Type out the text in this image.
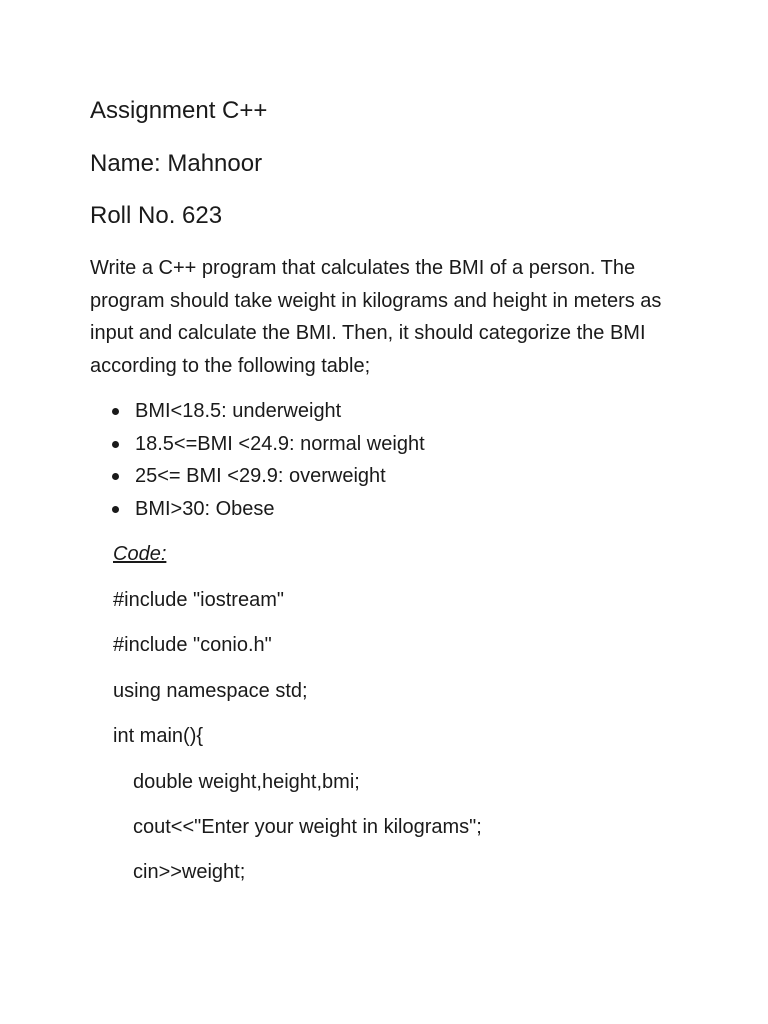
Assignment C++
Name: Mahnoor
Roll No. 623

Write a C++ program that calculates the BMI of a person. The program should take weight in kilograms and height in meters as input and calculate the BMI. Then, it should categorize the BMI according to the following table;

BMI<18.5: underweight
18.5<=BMI <24.9: normal weight
25<= BMI <29.9: overweight
BMI>30: Obese

Code:

#include "iostream"

#include "conio.h"

using namespace std;

int main(){

double weight,height,bmi;

cout<<"Enter your weight in kilograms";

cin>>weight;
